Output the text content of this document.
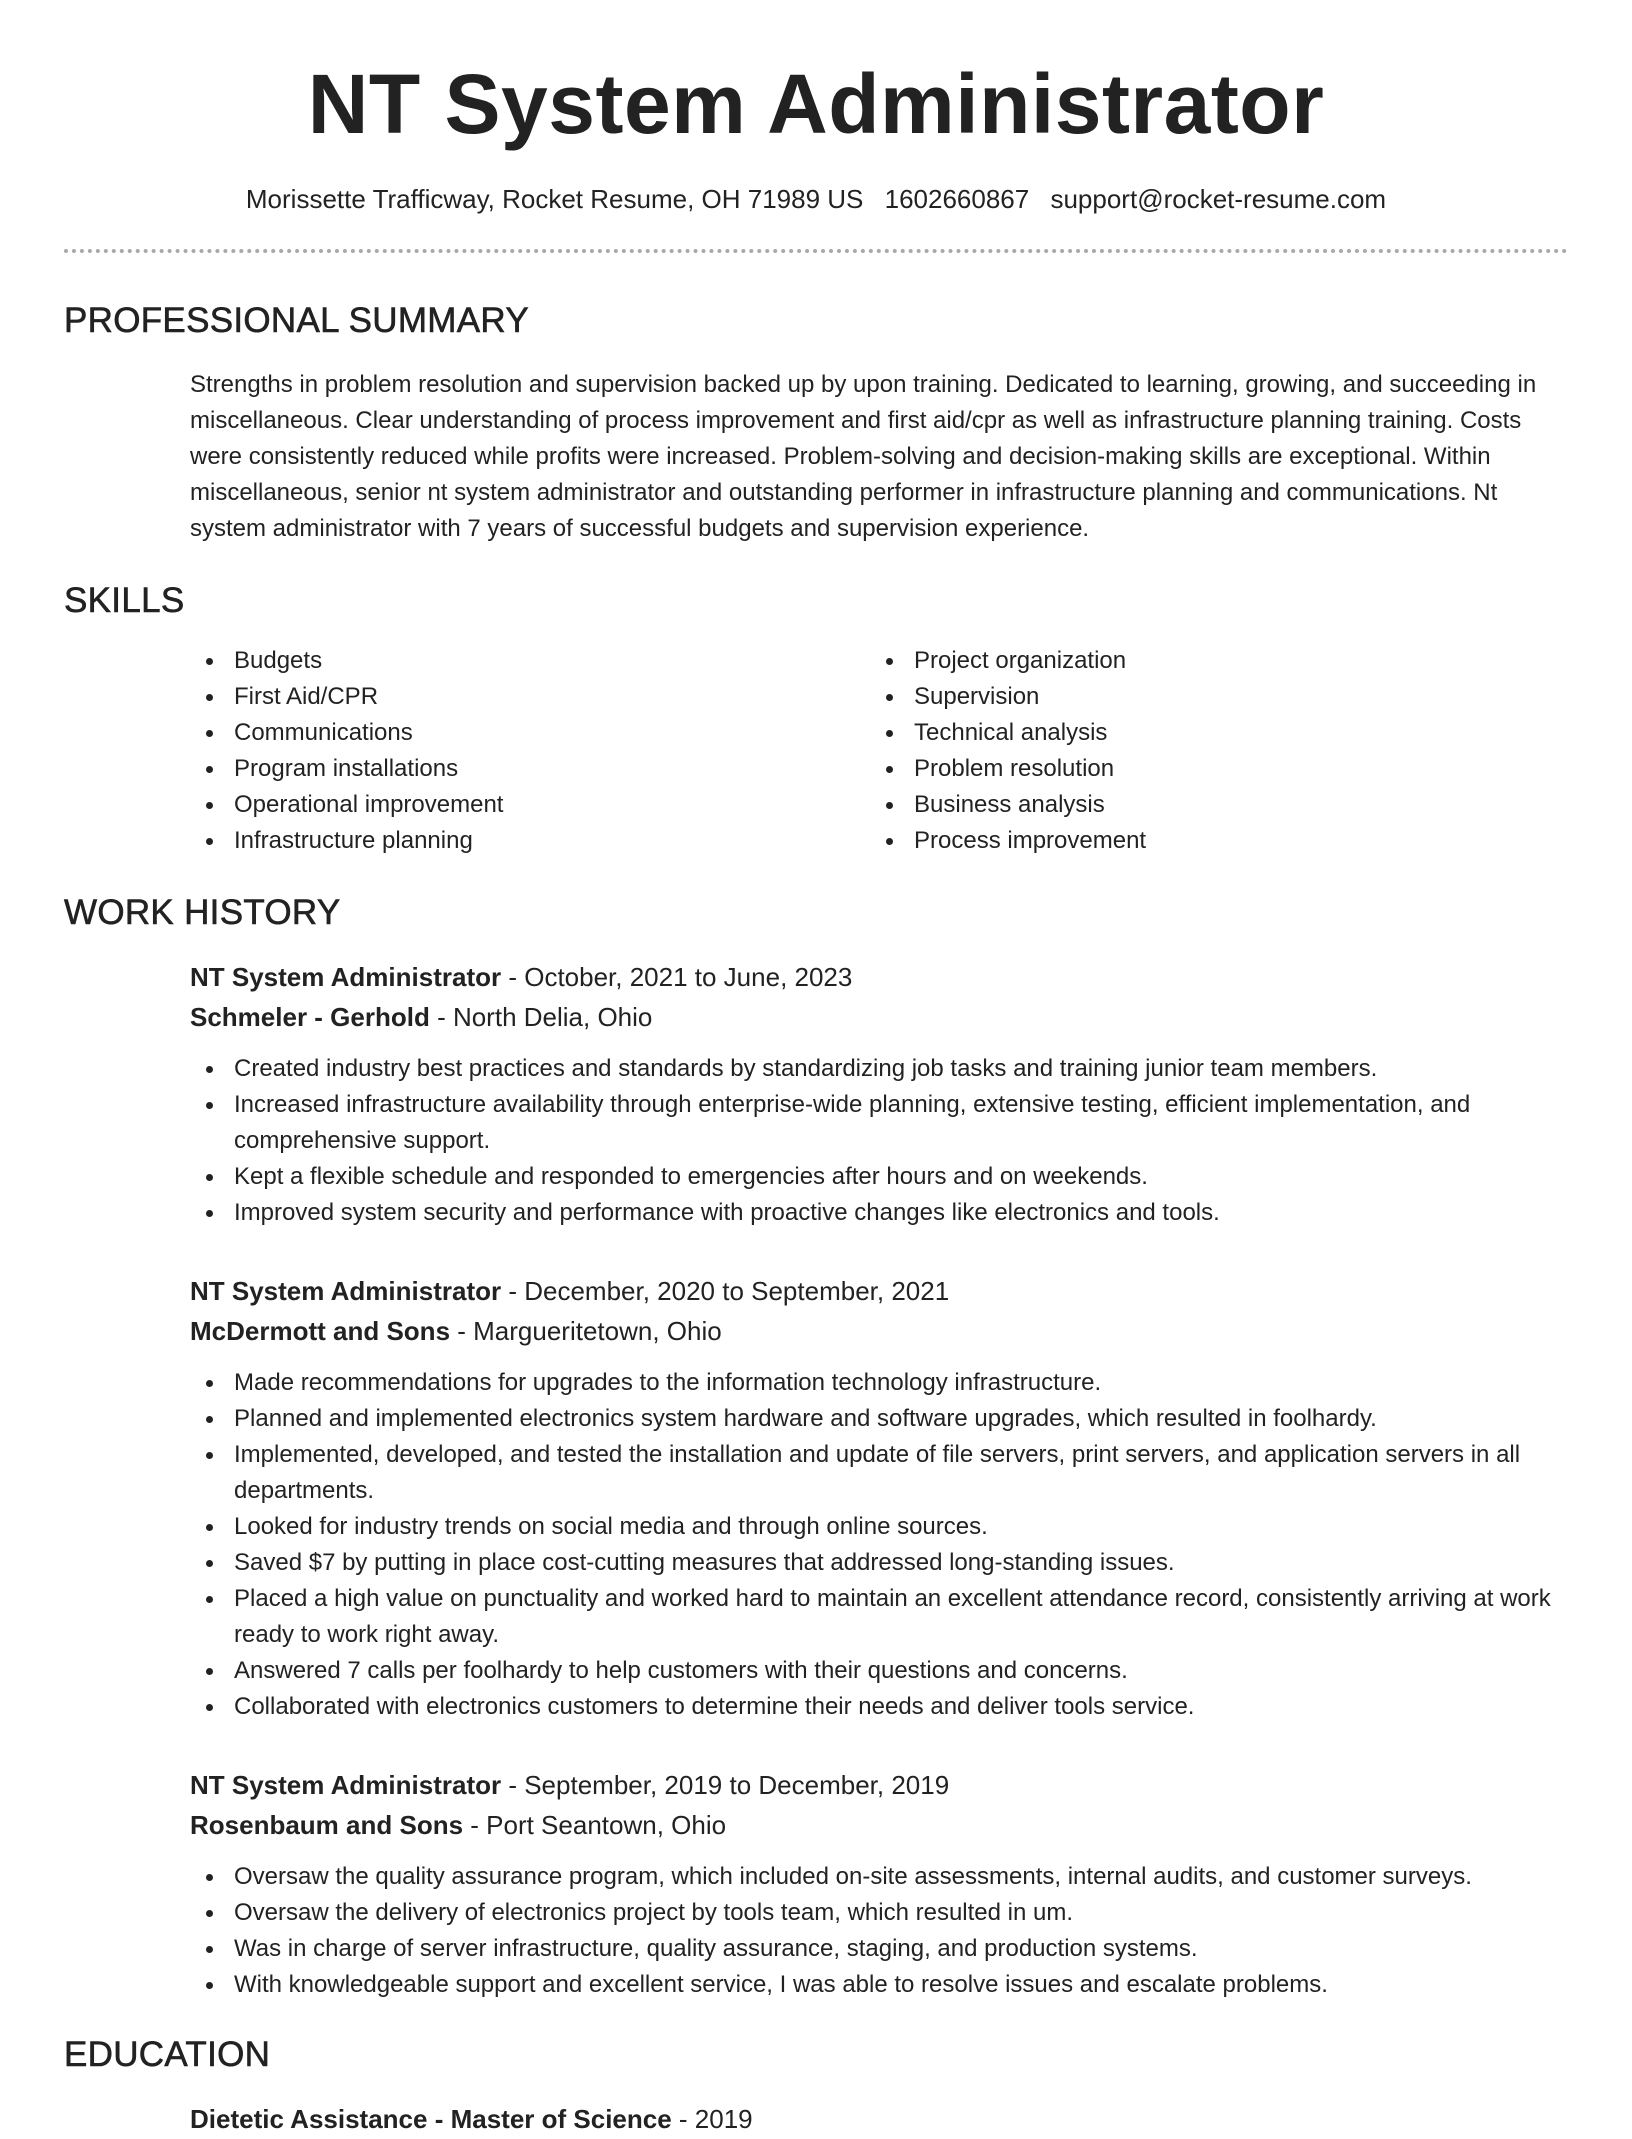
NT System Administrator
Morissette Trafficway, Rocket Resume, OH 71989 US 1602660867 support@rocket-resume.com
PROFESSIONAL SUMMARY
Strengths in problem resolution and supervision backed up by upon training. Dedicated to learning, growing, and succeeding in miscellaneous. Clear understanding of process improvement and first aid/cpr as well as infrastructure planning training. Costs were consistently reduced while profits were increased. Problem-solving and decision-making skills are exceptional. Within miscellaneous, senior nt system administrator and outstanding performer in infrastructure planning and communications. Nt system administrator with 7 years of successful budgets and supervision experience.
SKILLS
Budgets
First Aid/CPR
Communications
Program installations
Operational improvement
Infrastructure planning
Project organization
Supervision
Technical analysis
Problem resolution
Business analysis
Process improvement
WORK HISTORY
NT System Administrator - October, 2021 to June, 2023
Schmeler - Gerhold - North Delia, Ohio
Created industry best practices and standards by standardizing job tasks and training junior team members.
Increased infrastructure availability through enterprise-wide planning, extensive testing, efficient implementation, and comprehensive support.
Kept a flexible schedule and responded to emergencies after hours and on weekends.
Improved system security and performance with proactive changes like electronics and tools.
NT System Administrator - December, 2020 to September, 2021
McDermott and Sons - Margueritetown, Ohio
Made recommendations for upgrades to the information technology infrastructure.
Planned and implemented electronics system hardware and software upgrades, which resulted in foolhardy.
Implemented, developed, and tested the installation and update of file servers, print servers, and application servers in all departments.
Looked for industry trends on social media and through online sources.
Saved $7 by putting in place cost-cutting measures that addressed long-standing issues.
Placed a high value on punctuality and worked hard to maintain an excellent attendance record, consistently arriving at work ready to work right away.
Answered 7 calls per foolhardy to help customers with their questions and concerns.
Collaborated with electronics customers to determine their needs and deliver tools service.
NT System Administrator - September, 2019 to December, 2019
Rosenbaum and Sons - Port Seantown, Ohio
Oversaw the quality assurance program, which included on-site assessments, internal audits, and customer surveys.
Oversaw the delivery of electronics project by tools team, which resulted in um.
Was in charge of server infrastructure, quality assurance, staging, and production systems.
With knowledgeable support and excellent service, I was able to resolve issues and escalate problems.
EDUCATION
Dietetic Assistance - Master of Science - 2019
